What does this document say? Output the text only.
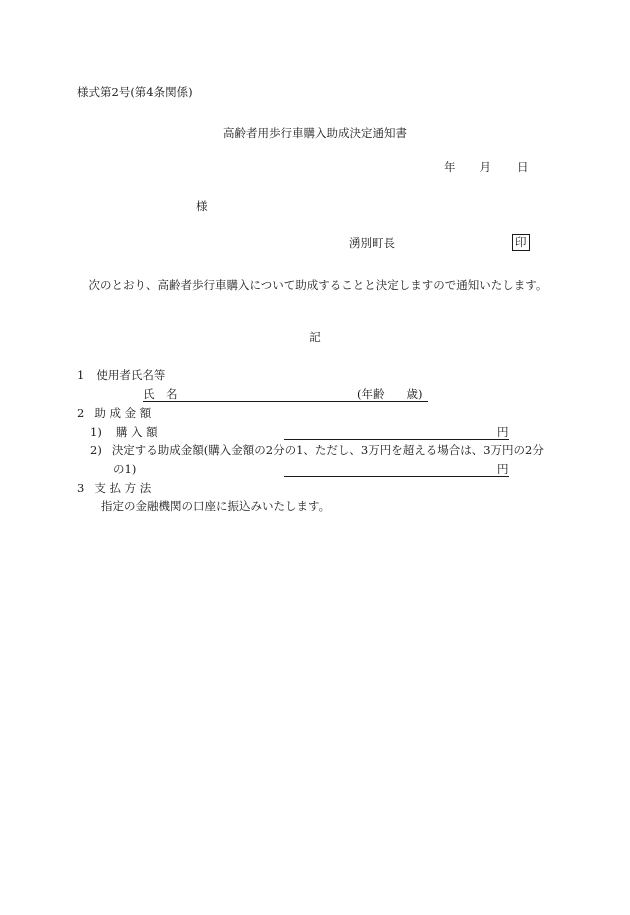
様式第2号(第4条関係)
高齢者用歩行車購入助成決定通知書
年 月 日
様
湧別町長	印
次のとおり、高齢者歩行車購入について助成することと決定しますので通知いたします。
記
1 使用者氏名等
氏　名	(年齢 歳)
2 助 成 金 額
1) 購 入 額	円
2) 決定する助成金額(購入金額の2分の1、ただし、3万円を超える場合は、3万円の2分
の1)	円
3 支 払 方 法
指定の金融機関の口座に振込みいたします。
